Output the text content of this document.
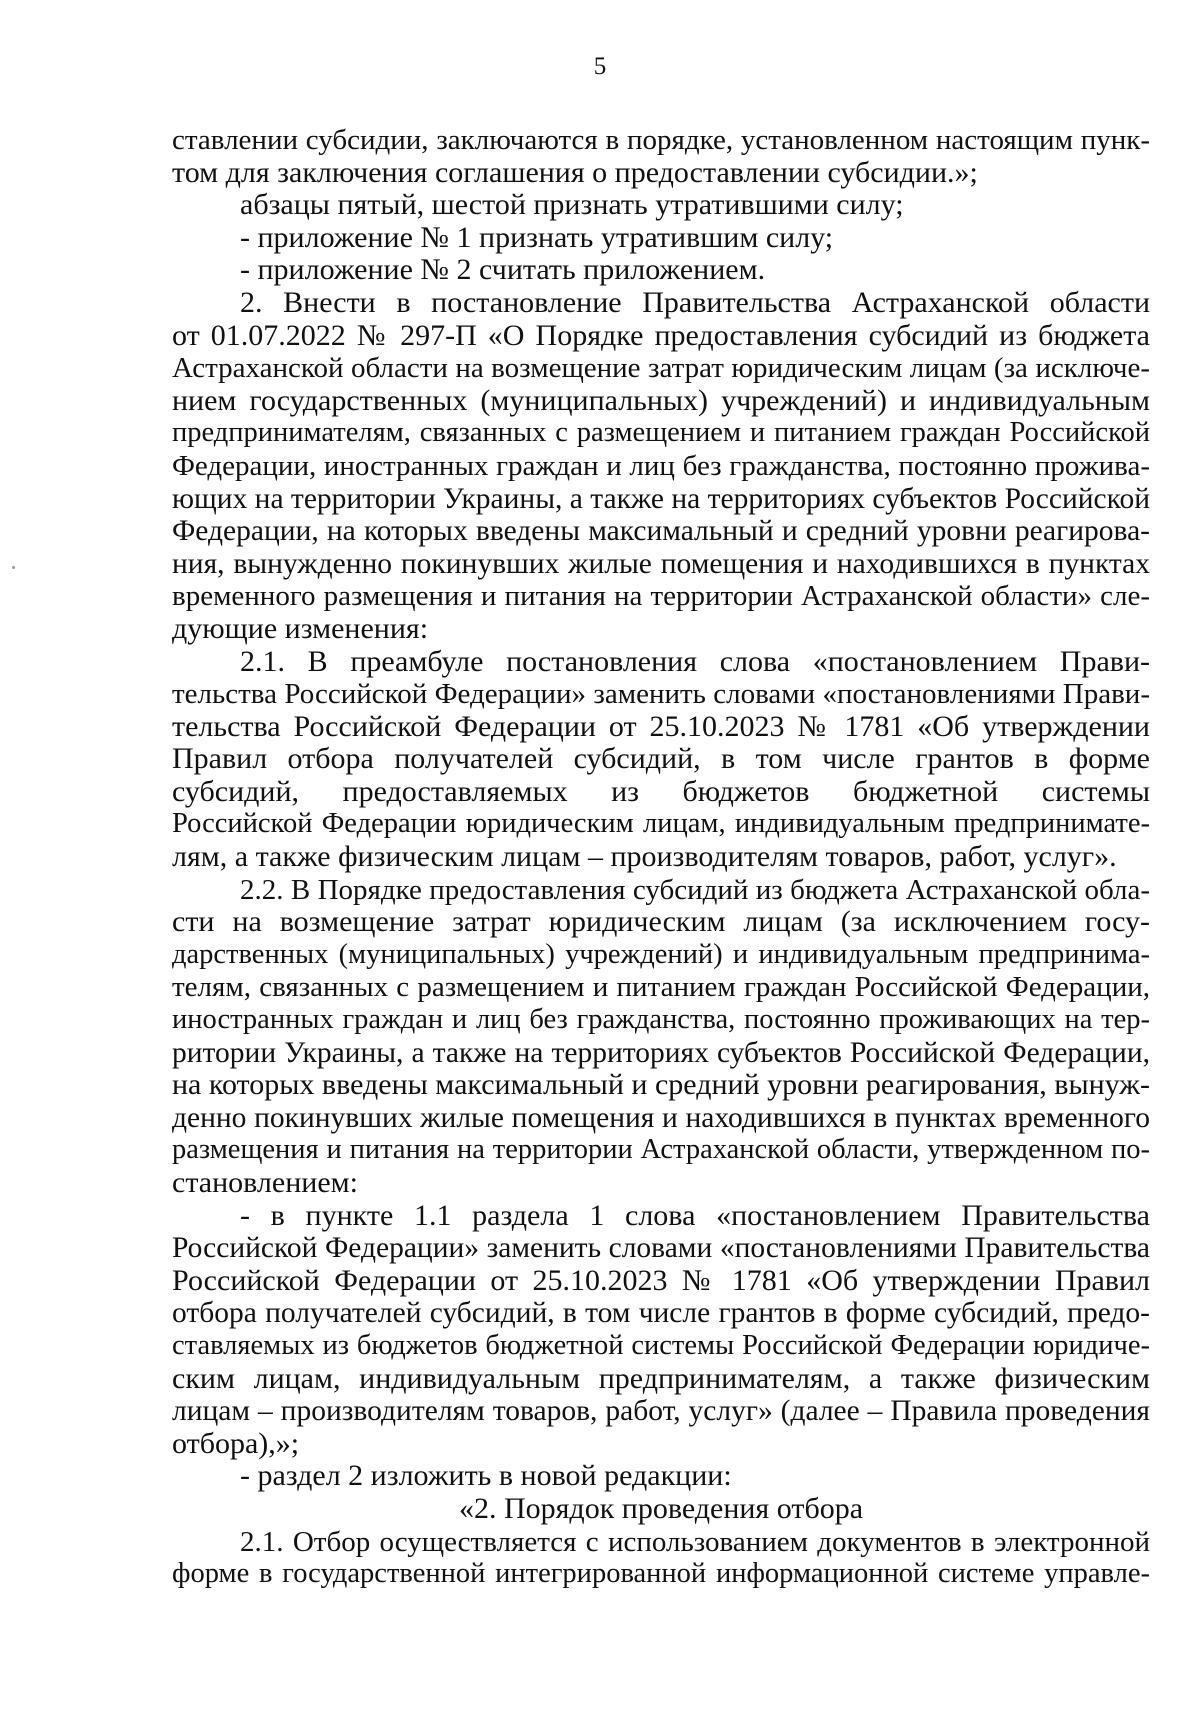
5
ставлении субсидии, заключаются в порядке, установленном настоящим пунк-
том для заключения соглашения о предоставлении субсидии.»;
абзацы пятый, шестой признать утратившими силу;
- приложение № 1 признать утратившим силу;
- приложение № 2 считать приложением.
2. Внести в постановление Правительства Астраханской области
от 01.07.2022 № 297-П «О Порядке предоставления субсидий из бюджета
Астраханской области на возмещение затрат юридическим лицам (за исключе-
нием государственных (муниципальных) учреждений) и индивидуальным
предпринимателям, связанных с размещением и питанием граждан Российской
Федерации, иностранных граждан и лиц без гражданства, постоянно прожива-
ющих на территории Украины, а также на территориях субъектов Российской
Федерации, на которых введены максимальный и средний уровни реагирова-
ния, вынужденно покинувших жилые помещения и находившихся в пунктах
временного размещения и питания на территории Астраханской области» сле-
дующие изменения:
2.1. В преамбуле постановления слова «постановлением Прави-
тельства Российской Федерации» заменить словами «постановлениями Прави-
тельства Российской Федерации от 25.10.2023 № 1781 «Об утверждении
Правил отбора получателей субсидий, в том числе грантов в форме
субсидий, предоставляемых из бюджетов бюджетной системы
Российской Федерации юридическим лицам, индивидуальным предпринимате-
лям, а также физическим лицам – производителям товаров, работ, услуг».
2.2. В Порядке предоставления субсидий из бюджета Астраханской обла-
сти на возмещение затрат юридическим лицам (за исключением госу-
дарственных (муниципальных) учреждений) и индивидуальным предпринима-
телям, связанных с размещением и питанием граждан Российской Федерации,
иностранных граждан и лиц без гражданства, постоянно проживающих на тер-
ритории Украины, а также на территориях субъектов Российской Федерации,
на которых введены максимальный и средний уровни реагирования, вынуж-
денно покинувших жилые помещения и находившихся в пунктах временного
размещения и питания на территории Астраханской области, утвержденном по-
становлением:
- в пункте 1.1 раздела 1 слова «постановлением Правительства
Российской Федерации» заменить словами «постановлениями Правительства
Российской Федерации от 25.10.2023 № 1781 «Об утверждении Правил
отбора получателей субсидий, в том числе грантов в форме субсидий, предо-
ставляемых из бюджетов бюджетной системы Российской Федерации юридиче-
ским лицам, индивидуальным предпринимателям, а также физическим
лицам – производителям товаров, работ, услуг» (далее – Правила проведения
отбора),»;
- раздел 2 изложить в новой редакции:
«2. Порядок проведения отбора
2.1. Отбор осуществляется с использованием документов в электронной
форме в государственной интегрированной информационной системе управле-
